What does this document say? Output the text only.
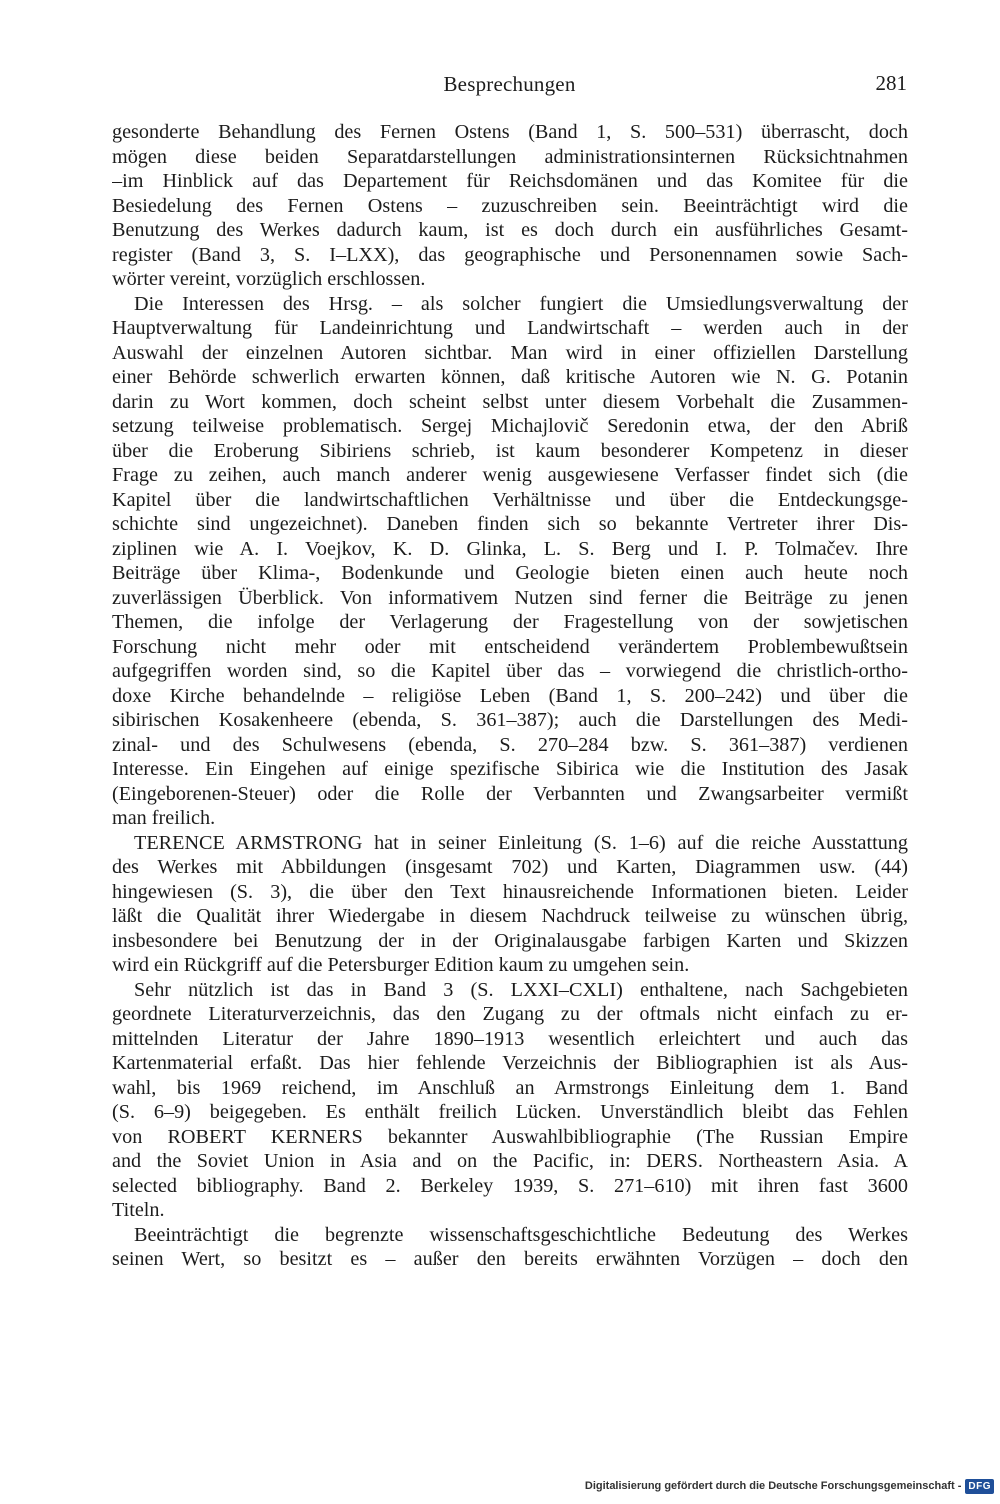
Besprechungen	281
gesonderte Behandlung des Fernen Ostens (Band 1, S. 500–531) überrascht, doch
mögen diese beiden Separatdarstellungen administrationsinternen Rücksichtnahmen
–im Hinblick auf das Departement für Reichsdomänen und das Komitee für die
Besiedelung des Fernen Ostens – zuzuschreiben sein. Beeinträchtigt wird die
Benutzung des Werkes dadurch kaum, ist es doch durch ein ausführliches Gesamt-
register (Band 3, S. I–LXX), das geographische und Personennamen sowie Sach-
wörter vereint, vorzüglich erschlossen.
Die Interessen des Hrsg. – als solcher fungiert die Umsiedlungsverwaltung der
Hauptverwaltung für Landeinrichtung und Landwirtschaft – werden auch in der
Auswahl der einzelnen Autoren sichtbar. Man wird in einer offiziellen Darstellung
einer Behörde schwerlich erwarten können, daß kritische Autoren wie N. G. Potanin
darin zu Wort kommen, doch scheint selbst unter diesem Vorbehalt die Zusammen-
setzung teilweise problematisch. Sergej Michajlovič Seredonin etwa, der den Abriß
über die Eroberung Sibiriens schrieb, ist kaum besonderer Kompetenz in dieser
Frage zu zeihen, auch manch anderer wenig ausgewiesene Verfasser findet sich (die
Kapitel über die landwirtschaftlichen Verhältnisse und über die Entdeckungsge-
schichte sind ungezeichnet). Daneben finden sich so bekannte Vertreter ihrer Dis-
ziplinen wie A. I. Voejkov, K. D. Glinka, L. S. Berg und I. P. Tolmačev. Ihre
Beiträge über Klima-, Bodenkunde und Geologie bieten einen auch heute noch
zuverlässigen Überblick. Von informativem Nutzen sind ferner die Beiträge zu jenen
Themen, die infolge der Verlagerung der Fragestellung von der sowjetischen
Forschung nicht mehr oder mit entscheidend verändertem Problembewußtsein
aufgegriffen worden sind, so die Kapitel über das – vorwiegend die christlich-ortho-
doxe Kirche behandelnde – religiöse Leben (Band 1, S. 200–242) und über die
sibirischen Kosakenheere (ebenda, S. 361–387); auch die Darstellungen des Medi-
zinal- und des Schulwesens (ebenda, S. 270–284 bzw. S. 361–387) verdienen
Interesse. Ein Eingehen auf einige spezifische Sibirica wie die Institution des Jasak
(Eingeborenen-Steuer) oder die Rolle der Verbannten und Zwangsarbeiter vermißt
man freilich.
TERENCE ARMSTRONG hat in seiner Einleitung (S. 1–6) auf die reiche Ausstattung
des Werkes mit Abbildungen (insgesamt 702) und Karten, Diagrammen usw. (44)
hingewiesen (S. 3), die über den Text hinausreichende Informationen bieten. Leider
läßt die Qualität ihrer Wiedergabe in diesem Nachdruck teilweise zu wünschen übrig,
insbesondere bei Benutzung der in der Originalausgabe farbigen Karten und Skizzen
wird ein Rückgriff auf die Petersburger Edition kaum zu umgehen sein.
Sehr nützlich ist das in Band 3 (S. LXXI–CXLI) enthaltene, nach Sachgebieten
geordnete Literaturverzeichnis, das den Zugang zu der oftmals nicht einfach zu er-
mittelnden Literatur der Jahre 1890–1913 wesentlich erleichtert und auch das
Kartenmaterial erfaßt. Das hier fehlende Verzeichnis der Bibliographien ist als Aus-
wahl, bis 1969 reichend, im Anschluß an Armstrongs Einleitung dem 1. Band
(S. 6–9) beigegeben. Es enthält freilich Lücken. Unverständlich bleibt das Fehlen
von ROBERT KERNERS bekannter Auswahlbibliographie (The Russian Empire
and the Soviet Union in Asia and on the Pacific, in: DERS. Northeastern Asia. A
selected bibliography. Band 2. Berkeley 1939, S. 271–610) mit ihren fast 3600
Titeln.
Beeinträchtigt die begrenzte wissenschaftsgeschichtliche Bedeutung des Werkes
seinen Wert, so besitzt es – außer den bereits erwähnten Vorzügen – doch den
Digitalisierung gefördert durch die Deutsche Forschungsgemeinschaft - DFG
